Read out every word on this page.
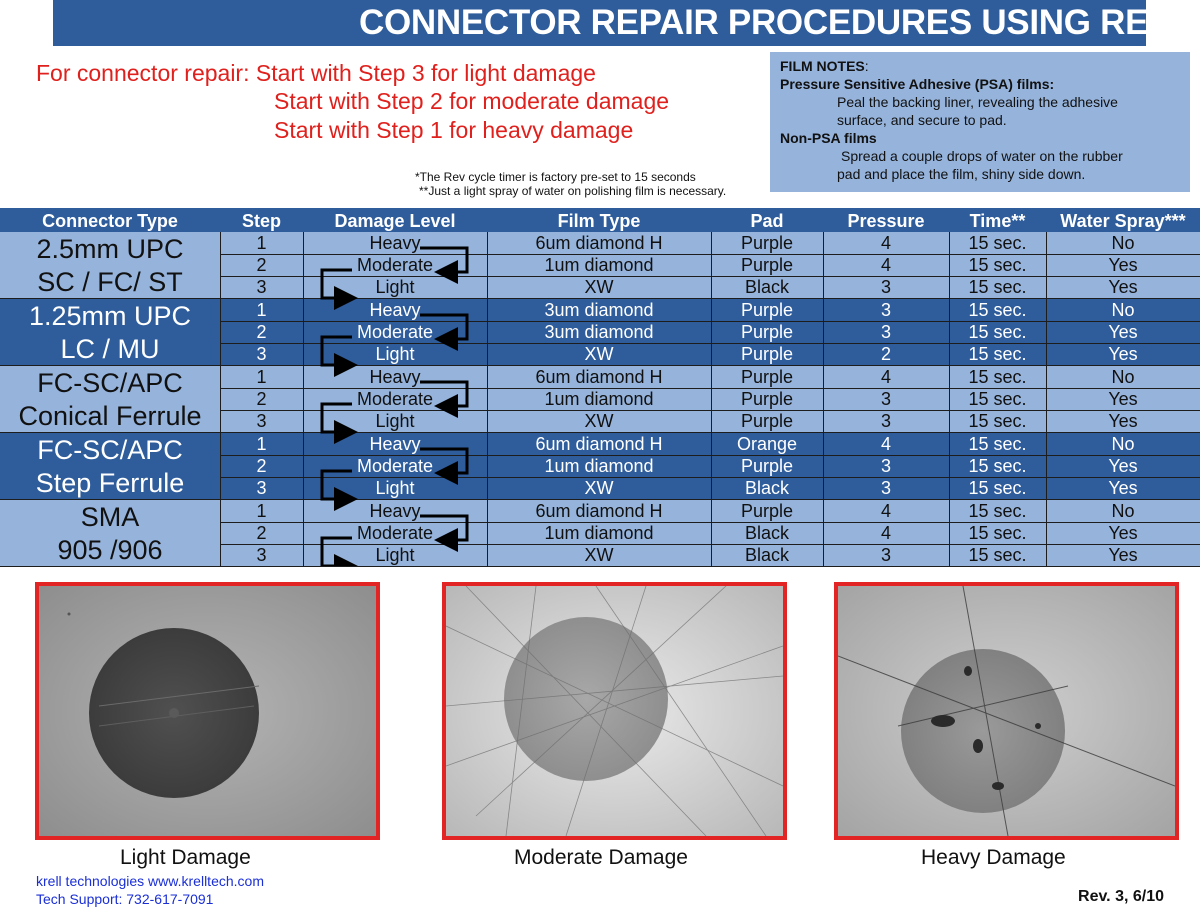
CONNECTOR REPAIR PROCEDURES USING REV ™
For connector repair: Start with Step 3 for light damage
Start with Step 2 for moderate damage
Start with Step 1 for heavy damage
*The Rev cycle timer is factory pre-set to 15 seconds
**Just a light spray of water on polishing film is necessary.
FILM NOTES:
Pressure Sensitive Adhesive (PSA) films:
Peal the backing liner, revealing the adhesive
surface, and secure to pad.
Non-PSA films
Spread a couple drops of water on the rubber
pad and place the film, shiny side down.
Connector Type	Step	Damage Level	Film Type	Pad	Pressure	Time**	Water Spray***
2.5mm UPC
SC / FC/ ST
1	Heavy	6um diamond H	Purple	4	15 sec.	No
2	Moderate	1um diamond	Purple	4	15 sec.	Yes
3	Light	XW	Black	3	15 sec.	Yes
1.25mm UPC
LC / MU
1	Heavy	3um diamond	Purple	3	15 sec.	No
2	Moderate	3um diamond	Purple	3	15 sec.	Yes
3	Light	XW	Purple	2	15 sec.	Yes
FC-SC/APC
Conical Ferrule
1	Heavy	6um diamond H	Purple	4	15 sec.	No
2	Moderate	1um diamond	Purple	3	15 sec.	Yes
3	Light	XW	Purple	3	15 sec.	Yes
FC-SC/APC
Step Ferrule
1	Heavy	6um diamond H	Orange	4	15 sec.	No
2	Moderate	1um diamond	Purple	3	15 sec.	Yes
3	Light	XW	Black	3	15 sec.	Yes
SMA
905 /906
1	Heavy	6um diamond H	Purple	4	15 sec.	No
2	Moderate	1um diamond	Black	4	15 sec.	Yes
3	Light	XW	Black	3	15 sec.	Yes
Light Damage	Moderate Damage	Heavy Damage
krell technologies www.krelltech.com
Tech Support: 732-617-7091	Rev. 3, 6/10
